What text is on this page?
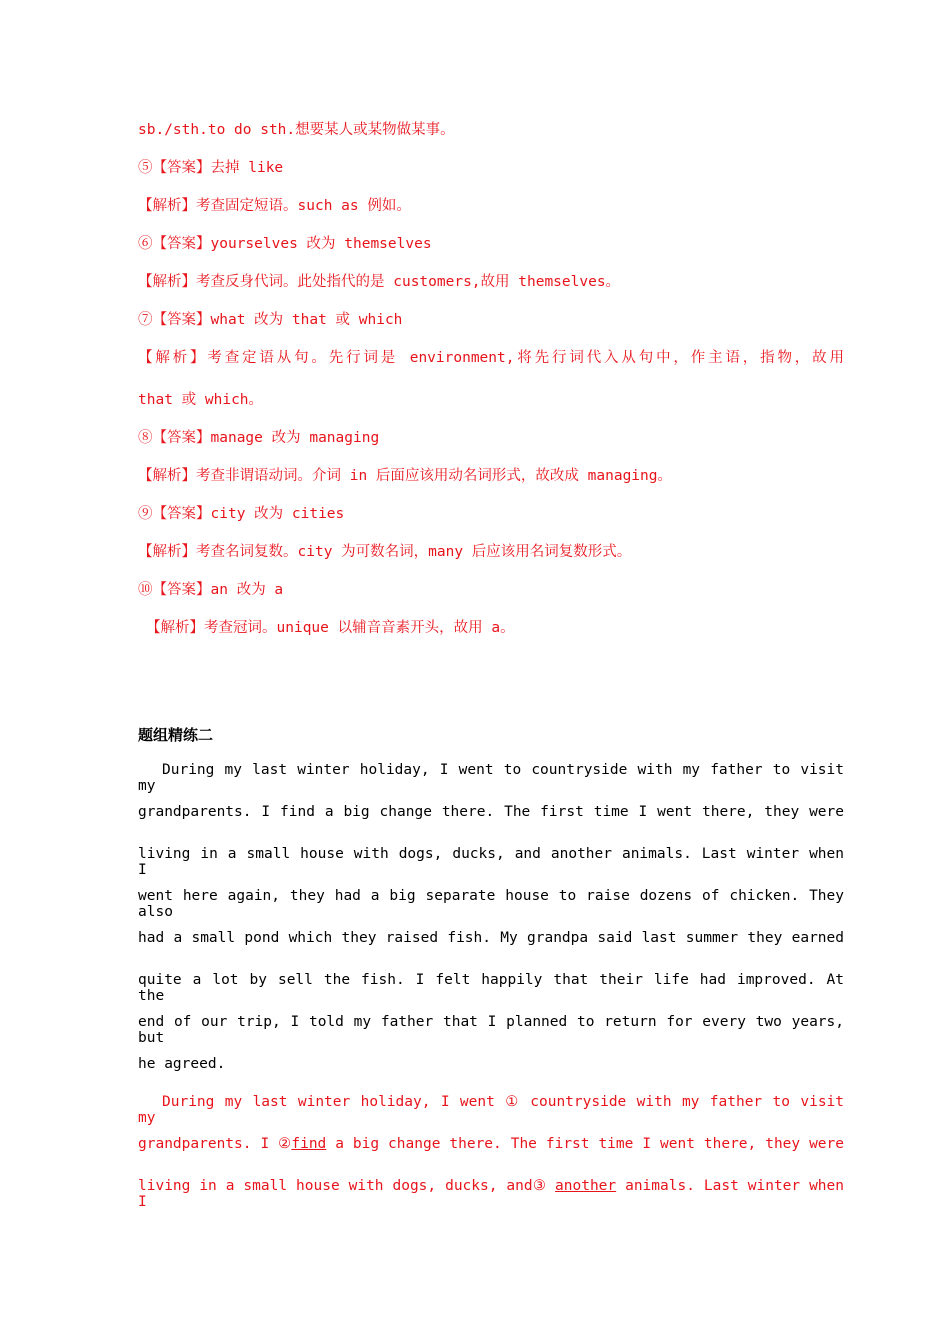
sb./sth.to do sth.想要某人或某物做某事。
⑤【答案】去掉 like
【解析】考查固定短语。such as 例如。
⑥【答案】yourselves 改为 themselves
【解析】考查反身代词。此处指代的是 customers,故用 themselves。
⑦【答案】what 改为 that 或 which
【解析】考查定语从句。先行词是 environment,将先行词代入从句中，作主语，指物，故用
that 或 which。
⑧【答案】manage 改为 managing
【解析】考查非谓语动词。介词 in 后面应该用动名词形式，故改成 managing。
⑨【答案】city 改为 cities
【解析】考查名词复数。city 为可数名词，many 后应该用名词复数形式。
⑩【答案】an 改为 a
【解析】考查冠词。unique 以辅音音素开头，故用 a。
题组精练二
During my last winter holiday, I went to countryside with my father to visit my
grandparents. I find a big change there. The first time I went there, they were
living in a small house with dogs, ducks, and another animals. Last winter when I
went here again, they had a big separate house to raise dozens of chicken. They also
had a small pond which they raised fish. My grandpa said last summer they earned
quite a lot by sell the fish. I felt happily that their life had improved. At the
end of our trip, I told my father that I planned to return for every two years, but
he agreed.
During my last winter holiday, I went ① countryside with my father to visit my
grandparents. I ②find a big change there. The first time I went there, they were
living in a small house with dogs, ducks, and③ another animals. Last winter when I
